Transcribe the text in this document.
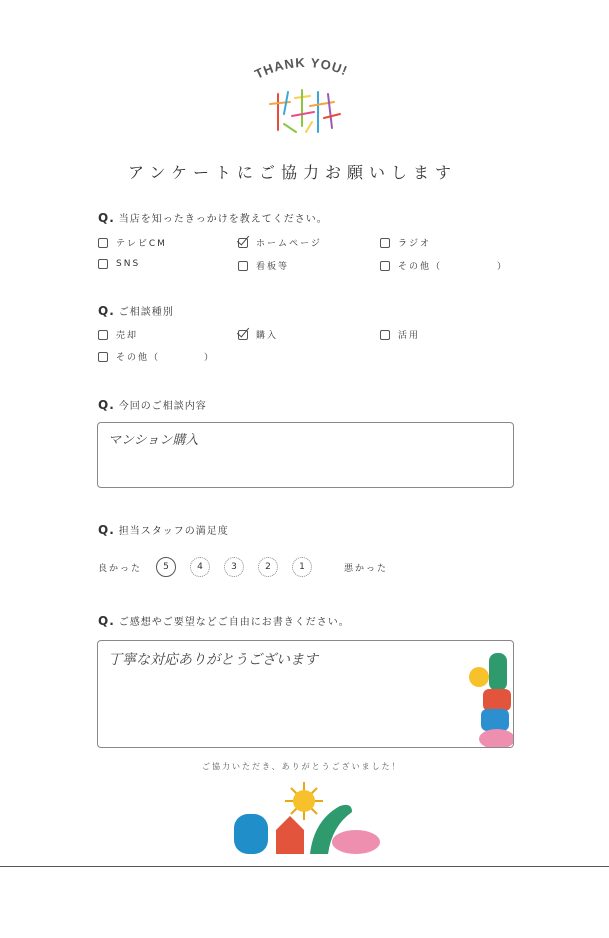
THANK YOU!
アンケートにご協力お願いします
Q. 当店を知ったきっかけを教えてください。
テレビCM	ホームページ	ラジオ
SNS	看板等	その他（　　　　　）
Q. ご相談種別
売却	購入	活用
その他（　　　　）
Q. 今回のご相談内容
マンション購入
Q. 担当スタッフの満足度
良かった	5	4	3	2	1	悪かった
Q. ご感想やご要望などご自由にお書きください。
丁寧な対応ありがとうございます
ご協力いただき、ありがとうございました！
